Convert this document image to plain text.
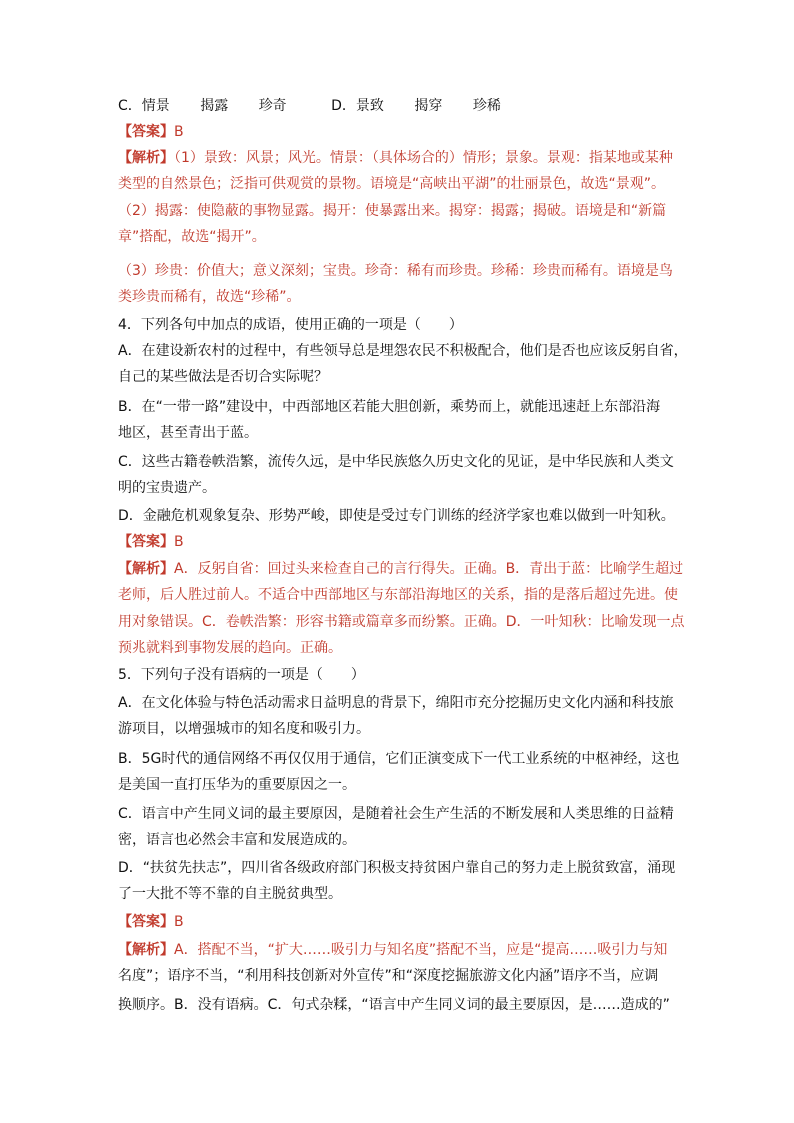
C．情景 揭露 珍奇	D．景致 揭穿 珍稀
【答案】B
【解析】（1）景致：风景；风光。情景：（具体场合的）情形；景象。景观：指某地或某种
类型的自然景色；泛指可供观赏的景物。语境是“高峡出平湖”的壮丽景色，故选“景观”。
（2）揭露：使隐蔽的事物显露。揭开：使暴露出来。揭穿：揭露；揭破。语境是和“新篇
章”搭配，故选“揭开”。
（3）珍贵：价值大；意义深刻；宝贵。珍奇：稀有而珍贵。珍稀：珍贵而稀有。语境是鸟
类珍贵而稀有，故选“珍稀”。
4．下列各句中加点的成语，使用正确的一项是（　　）
A．在建设新农村的过程中，有些领导总是埋怨农民不积极配合，他们是否也应该反躬自省，
自己的某些做法是否切合实际呢？
B．在“一带一路”建设中，中西部地区若能大胆创新，乘势而上，就能迅速赶上东部沿海
地区，甚至青出于蓝。
C．这些古籍卷帙浩繁，流传久远，是中华民族悠久历史文化的见证，是中华民族和人类文
明的宝贵遗产。
D．金融危机观象复杂、形势严峻，即使是受过专门训练的经济学家也难以做到一叶知秋。
【答案】B
【解析】A．反躬自省：回过头来检查自己的言行得失。正确。B．青出于蓝：比喻学生超过
老师，后人胜过前人。不适合中西部地区与东部沿海地区的关系，指的是落后超过先进。使
用对象错误。C．卷帙浩繁：形容书籍或篇章多而纷繁。正确。D．一叶知秋：比喻发现一点
预兆就料到事物发展的趋向。正确。
5．下列句子没有语病的一项是（　　）
A．在文化体验与特色活动需求日益明息的背景下，绵阳市充分挖掘历史文化内涵和科技旅
游项目，以增强城市的知名度和吸引力。
B．5G时代的通信网络不再仅仅用于通信，它们正演变成下一代工业系统的中枢神经，这也
是美国一直打压华为的重要原因之一。
C．语言中产生同义词的最主要原因，是随着社会生产生活的不断发展和人类思维的日益精
密，语言也必然会丰富和发展造成的。
D．“扶贫先扶志”，四川省各级政府部门积极支持贫困户靠自己的努力走上脱贫致富，涌现
了一大批不等不靠的自主脱贫典型。
【答案】B
【解析】A．搭配不当，“扩大……吸引力与知名度”搭配不当，应是“提高……吸引力与知
名度”；语序不当，“利用科技创新对外宣传”和“深度挖掘旅游文化内涵”语序不当，应调
换顺序。B．没有语病。C．句式杂糅，“语言中产生同义词的最主要原因，是……造成的”
